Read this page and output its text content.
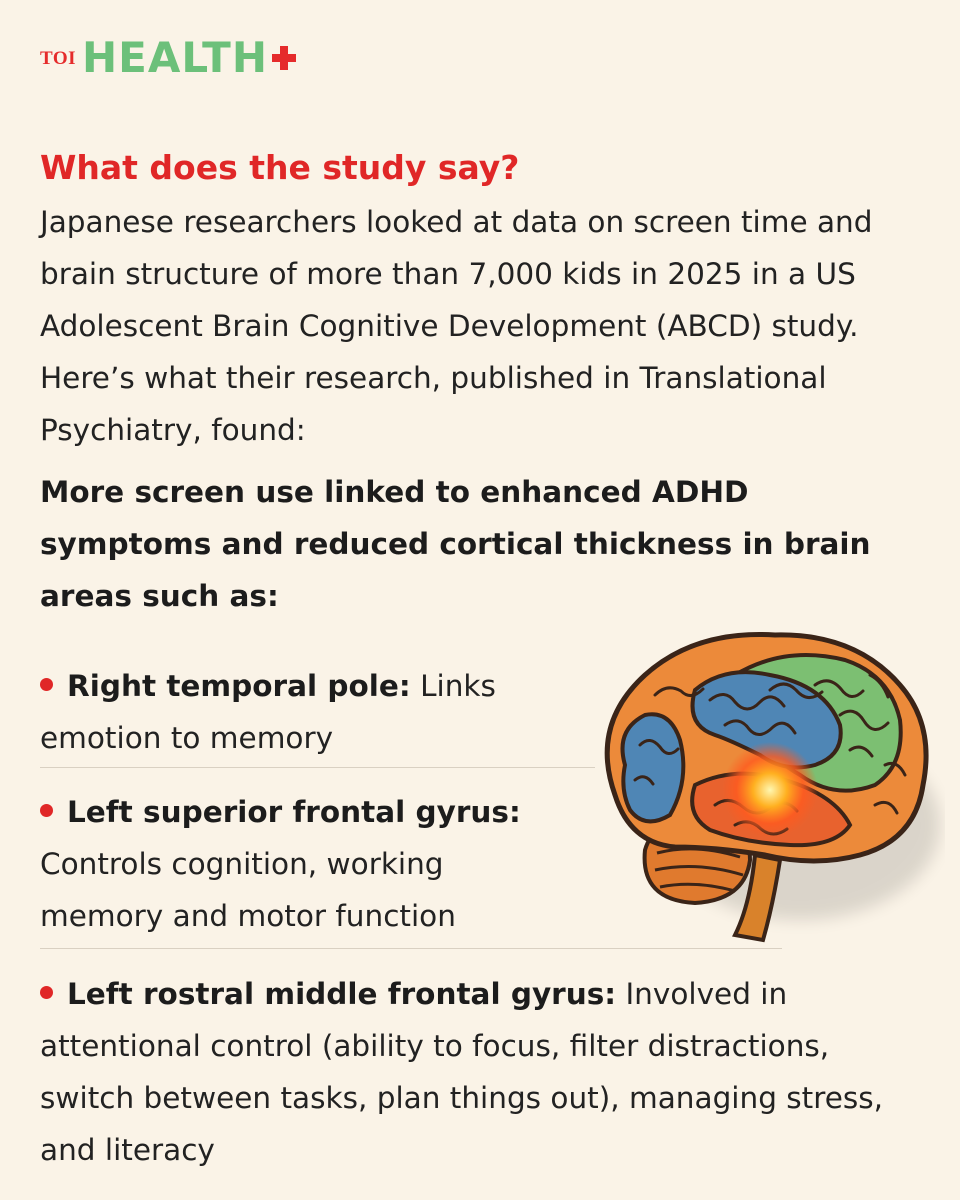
TOI HEALTH
What does the study say?

Japanese researchers looked at data on screen time and brain structure of more than 7,000 kids in 2025 in a US Adolescent Brain Cognitive Development (ABCD) study. Here’s what their research, published in Translational Psychiatry, found:

More screen use linked to enhanced ADHD symptoms and reduced cortical thickness in brain areas such as:

Right temporal pole: Links emotion to memory

Left superior frontal gyrus: Controls cognition, working memory and motor function

Left rostral middle frontal gyrus: Involved in attentional control (ability to focus, filter distractions, switch between tasks, plan things out), managing stress, and literacy
